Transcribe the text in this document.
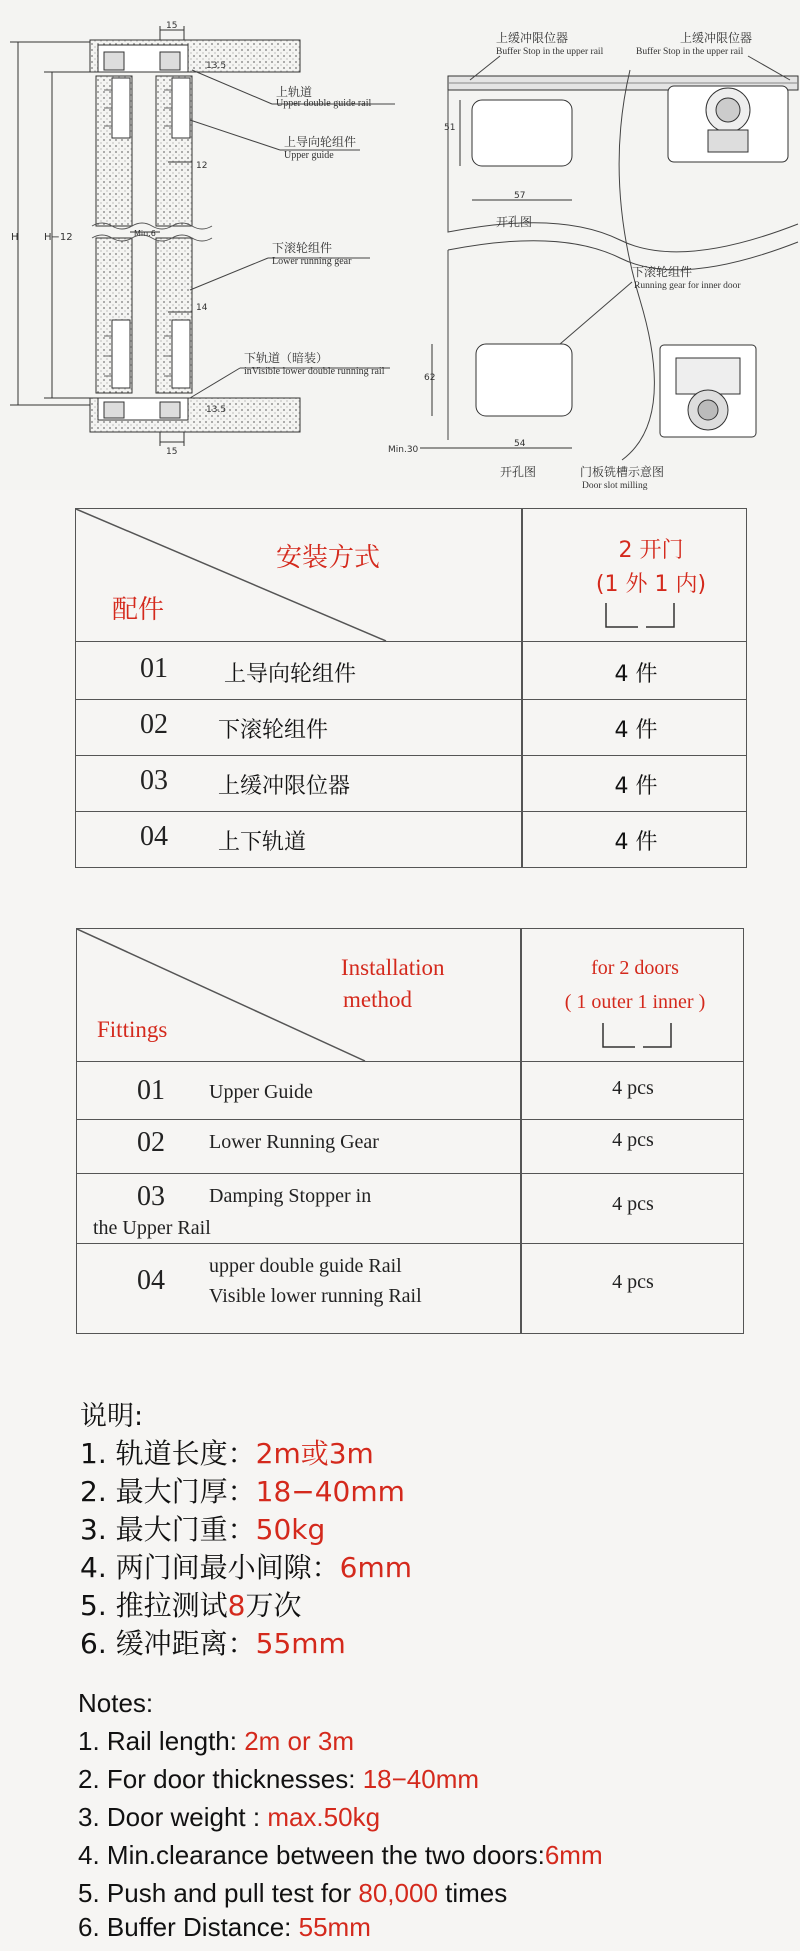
15
13.5
H	H−12
上轨道
Upper double guide rail
上导向轮组件
Upper guide
12
Min.6
下滚轮组件
Lower running gear
14
下轨道（暗装）
inVisible lower double running rail
13.5
15
上缓冲限位器
Buffer Stop in the upper rail
上缓冲限位器
Buffer Stop in the upper rail
51
57
开孔图
下滚轮组件
Running gear for inner door
62
Min.30
54
开孔图	门板铣槽示意图
Door slot milling
安装方式
配件
2 开门
(1 外 1 内)
01	上导向轮组件	4 件
02 下滚轮组件	4 件
03 上缓冲限位器	4 件
04 上下轨道	4 件
Installation
method
Fittings
for 2 doors
( 1 outer 1 inner )
01 Upper Guide	4 pcs
02 Lower Running Gear	4 pcs
03 Damping Stopper in
the Upper Rail
4 pcs
04 upper double guide Rail
Visible lower running Rail
4 pcs
说明:
1. 轨道长度：2m或3m
2. 最大门厚：18−40mm
3. 最大门重：50kg
4. 两门间最小间隙：6mm
5. 推拉测试8万次
6. 缓冲距离：55mm
Notes:
1. Rail length: 2m or 3m
2. For door thicknesses: 18−40mm
3. Door weight : max.50kg
4. Min.clearance between the two doors:6mm
5. Push and pull test for 80,000 times
6. Buffer Distance: 55mm
